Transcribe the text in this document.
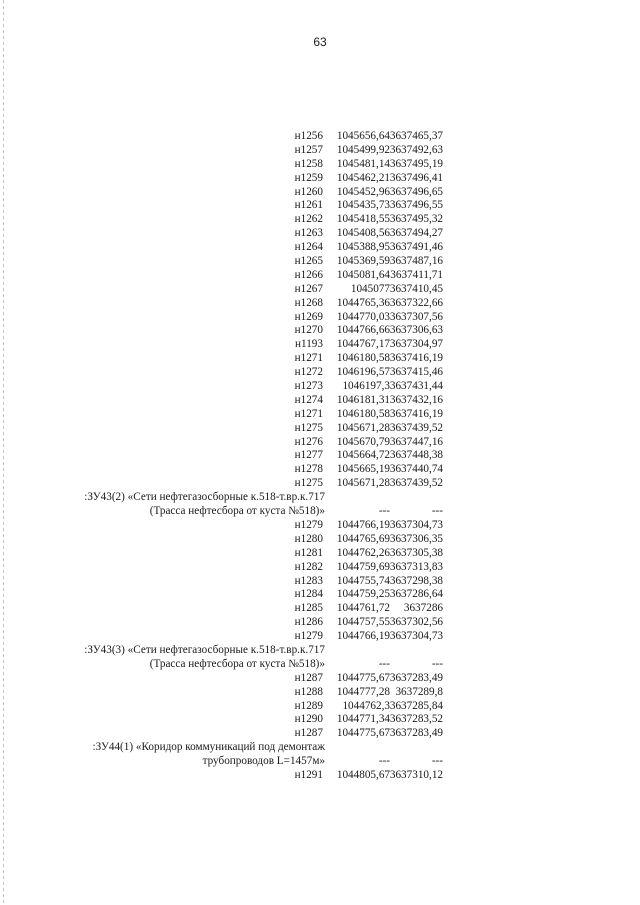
63
н1256 1045656,64 3637465,37
н1257 1045499,92 3637492,63
н1258 1045481,14 3637495,19
н1259 1045462,21 3637496,41
н1260 1045452,96 3637496,65
н1261 1045435,73 3637496,55
н1262 1045418,55 3637495,32
н1263 1045408,56 3637494,27
н1264 1045388,95 3637491,46
н1265 1045369,59 3637487,16
н1266 1045081,64 3637411,71
н1267 1045077 3637410,45
н1268 1044765,36 3637322,66
н1269 1044770,03 3637307,56
н1270 1044766,66 3637306,63
н1193 1044767,17 3637304,97
н1271 1046180,58 3637416,19
н1272 1046196,57 3637415,46
н1273 1046197,3 3637431,44
н1274 1046181,31 3637432,16
н1271 1046180,58 3637416,19
н1275 1045671,28 3637439,52
н1276 1045670,79 3637447,16
н1277 1045664,72 3637448,38
н1278 1045665,19 3637440,74
н1275 1045671,28 3637439,52
:ЗУ43(2) «Сети нефтегазосборные к.518-т.вр.к.717
(Трасса нефтесбора от куста №518)»	---	---
н1279 1044766,19 3637304,73
н1280 1044765,69 3637306,35
н1281 1044762,26 3637305,38
н1282 1044759,69 3637313,83
н1283 1044755,74 3637298,38
н1284 1044759,25 3637286,64
н1285 1044761,72 3637286
н1286 1044757,55 3637302,56
н1279 1044766,19 3637304,73
:ЗУ43(3) «Сети нефтегазосборные к.518-т.вр.к.717
(Трасса нефтесбора от куста №518)»	---	---
н1287 1044775,67 3637283,49
н1288 1044777,28 3637289,8
н1289 1044762,3 3637285,84
н1290 1044771,34 3637283,52
н1287 1044775,67 3637283,49
:ЗУ44(1) «Коридор коммуникаций под демонтаж
трубопроводов L=1457м»	---	---
н1291 1044805,67 3637310,12
